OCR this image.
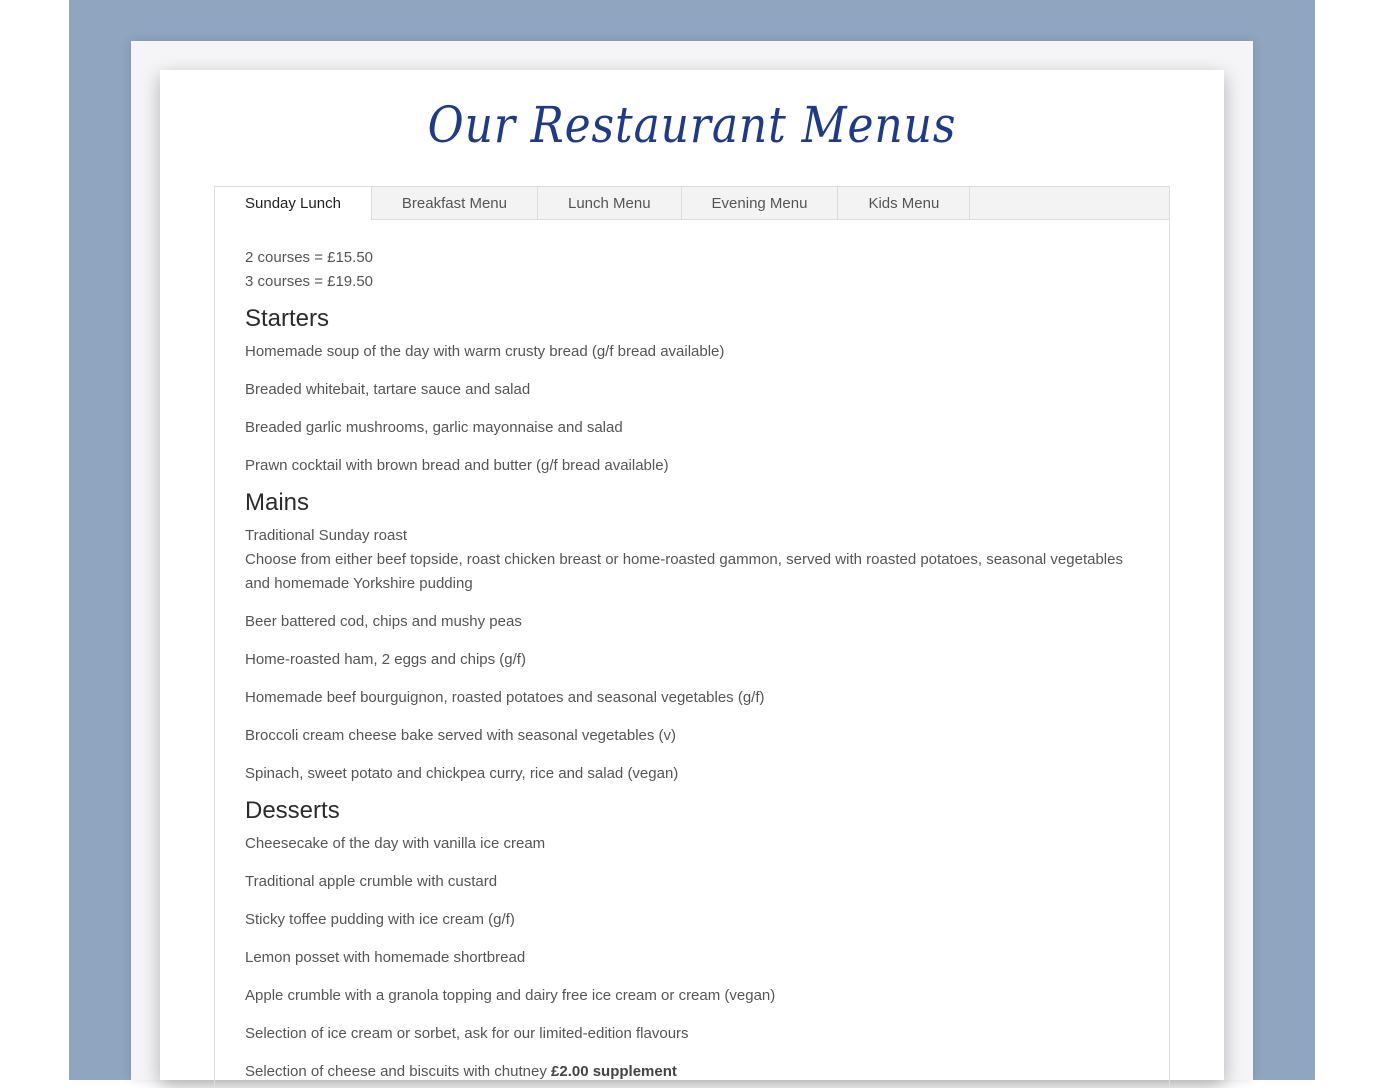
Our Restaurant Menus
Sunday Lunch	Breakfast Menu	Lunch Menu	Evening Menu	Kids Menu
2 courses = £15.50
3 courses = £19.50
Starters
Homemade soup of the day with warm crusty bread (g/f bread available)
Breaded whitebait, tartare sauce and salad
Breaded garlic mushrooms, garlic mayonnaise and salad
Prawn cocktail with brown bread and butter (g/f bread available)
Mains
Traditional Sunday roast
Choose from either beef topside, roast chicken breast or home-roasted gammon, served with roasted potatoes, seasonal vegetables and homemade Yorkshire pudding
Beer battered cod, chips and mushy peas
Home-roasted ham, 2 eggs and chips (g/f)
Homemade beef bourguignon, roasted potatoes and seasonal vegetables (g/f)
Broccoli cream cheese bake served with seasonal vegetables (v)
Spinach, sweet potato and chickpea curry, rice and salad (vegan)
Desserts
Cheesecake of the day with vanilla ice cream
Traditional apple crumble with custard
Sticky toffee pudding with ice cream (g/f)
Lemon posset with homemade shortbread
Apple crumble with a granola topping and dairy free ice cream or cream (vegan)
Selection of ice cream or sorbet, ask for our limited-edition flavours
Selection of cheese and biscuits with chutney £2.00 supplement
